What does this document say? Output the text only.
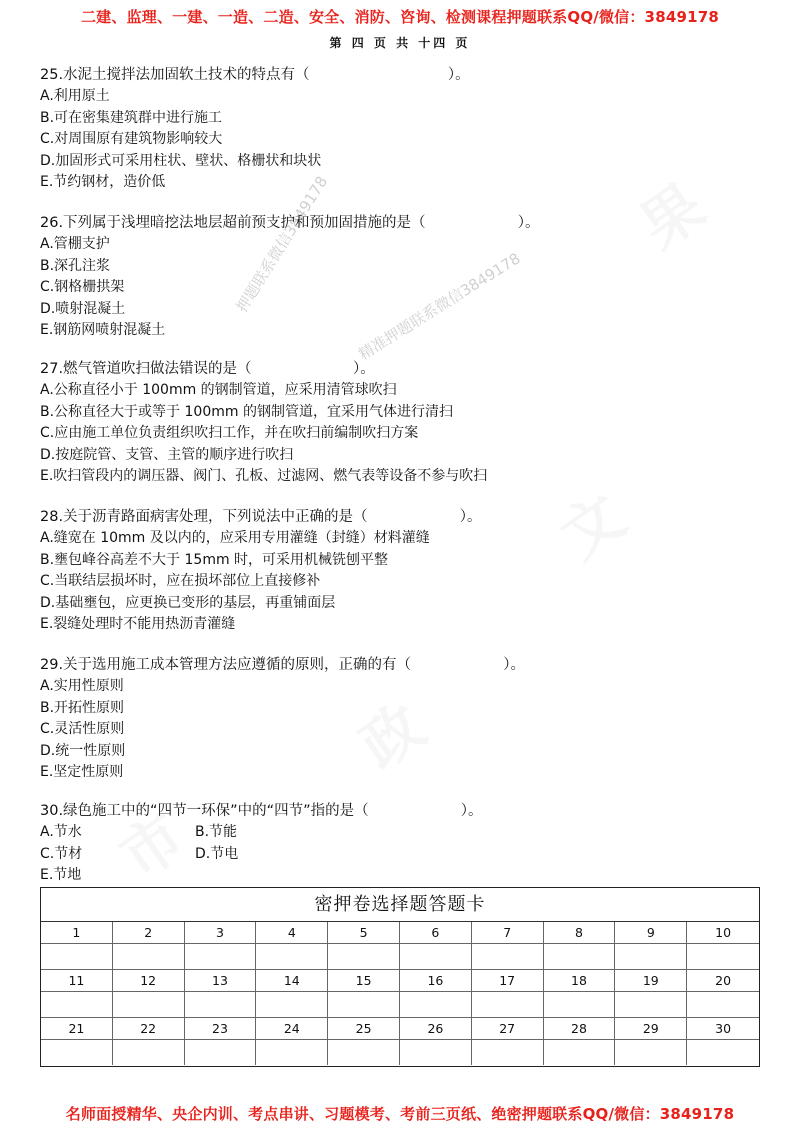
二建、监理、一建、一造、二造、安全、消防、咨询、检测课程押题联系QQ/微信：3849178
第 四 页 共 十四 页
果
文
政
市
精准押题联系微信3849178
押题联系微信3849178
25.水泥土搅拌法加固软土技术的特点有（                              ）。
A.利用原土
B.可在密集建筑群中进行施工
C.对周围原有建筑物影响较大
D.加固形式可采用柱状、壁状、格栅状和块状
E.节约钢材，造价低
26.下列属于浅埋暗挖法地层超前预支护和预加固措施的是（                    ）。
A.管棚支护
B.深孔注浆
C.钢格栅拱架
D.喷射混凝土
E.钢筋网喷射混凝土
27.燃气管道吹扫做法错误的是（                      ）。
A.公称直径小于 100mm 的钢制管道，应采用清管球吹扫
B.公称直径大于或等于 100mm 的钢制管道，宜采用气体进行清扫
C.应由施工单位负责组织吹扫工作，并在吹扫前编制吹扫方案
D.按庭院管、支管、主管的顺序进行吹扫
E.吹扫管段内的调压器、阀门、孔板、过滤网、燃气表等设备不参与吹扫
28.关于沥青路面病害处理，下列说法中正确的是（                    ）。
A.缝宽在 10mm 及以内的，应采用专用灌缝（封缝）材料灌缝
B.壅包峰谷高差不大于 15mm 时，可采用机械铣刨平整
C.当联结层损坏时，应在损坏部位上直接修补
D.基础壅包，应更换已变形的基层，再重铺面层
E.裂缝处理时不能用热沥青灌缝
29.关于选用施工成本管理方法应遵循的原则，正确的有（                    ）。
A.实用性原则
B.开拓性原则
C.灵活性原则
D.统一性原则
E.坚定性原则
30.绿色施工中的“四节一环保”中的“四节”指的是（                    ）。
A.节水	B.节能
C.节材	D.节电
E.节地
密押卷选择题答题卡
1	2	3	4	5	6	7	8	9	10
11	12	13	14	15	16	17	18	19	20
21	22	23	24	25	26	27	28	29	30
名师面授精华、央企内训、考点串讲、习题模考、考前三页纸、绝密押题联系QQ/微信：3849178
